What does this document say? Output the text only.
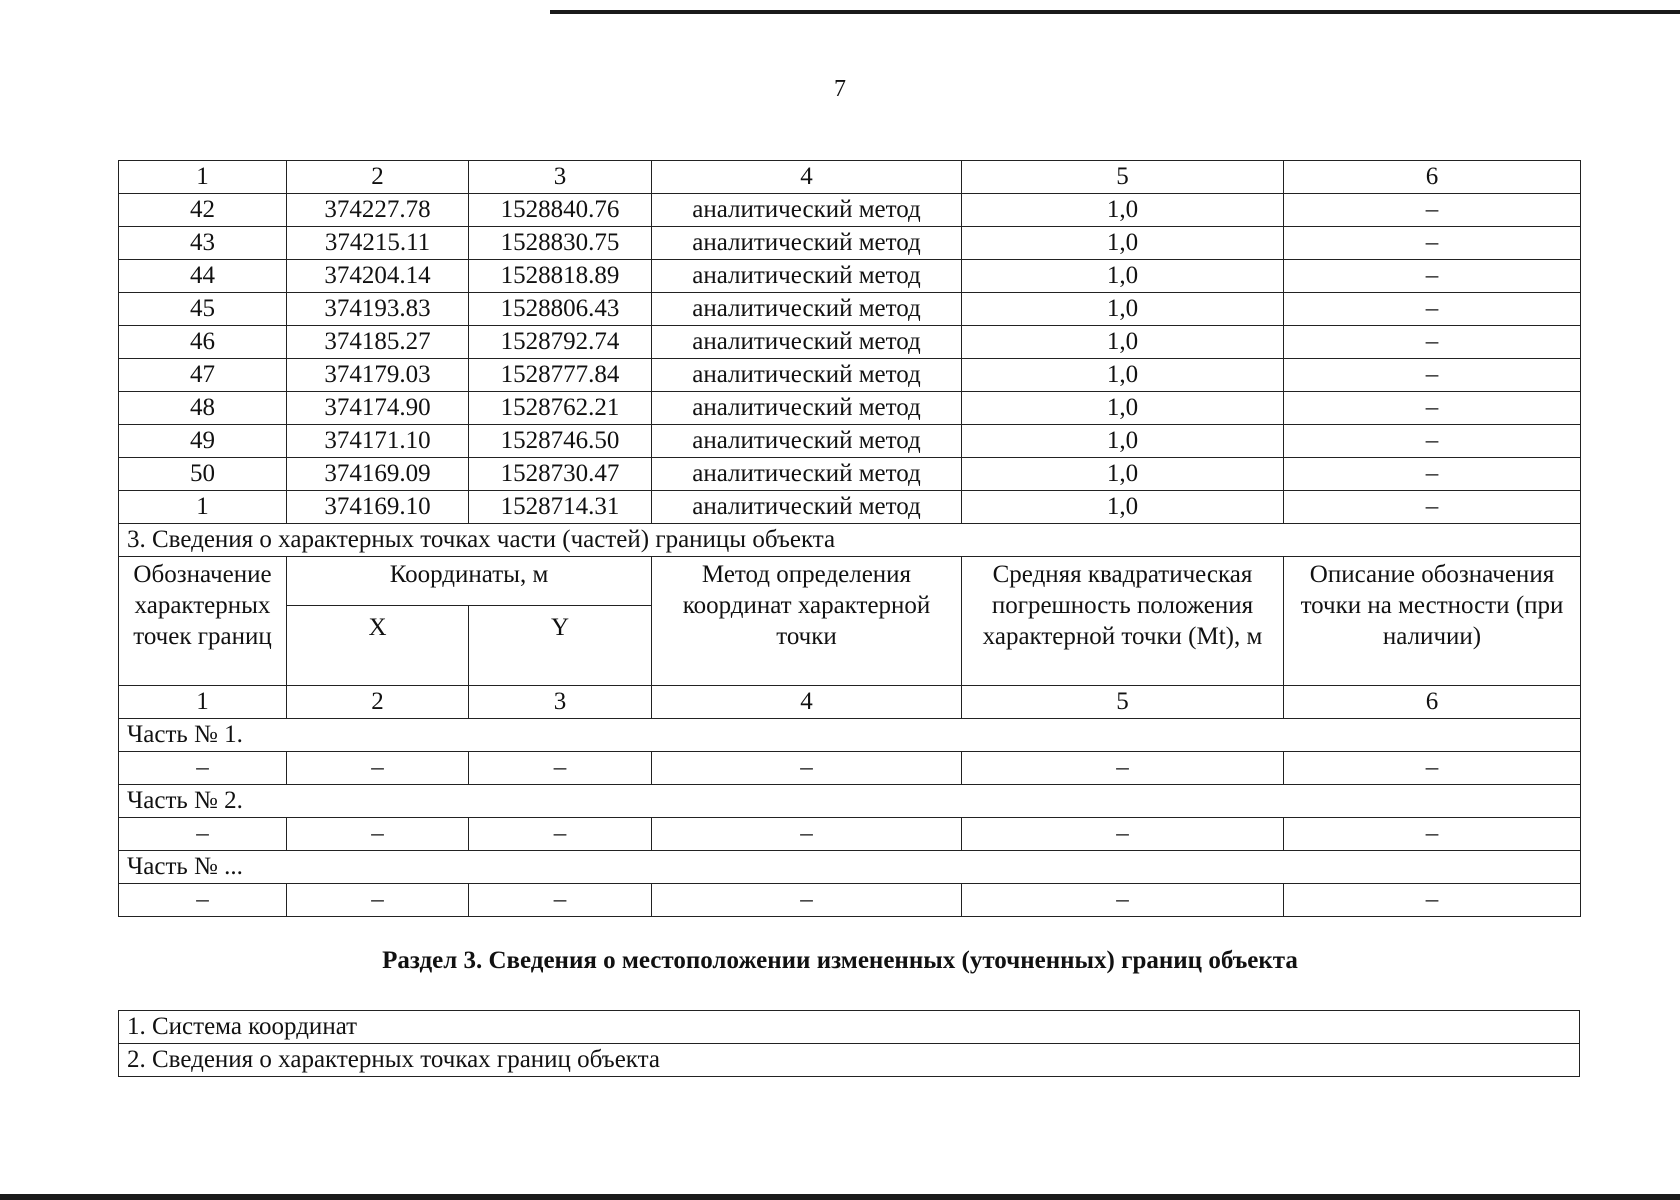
7
1	2	3	4	5	6
42	374227.78	1528840.76	аналитический метод	1,0	–
43	374215.11	1528830.75	аналитический метод	1,0	–
44	374204.14	1528818.89	аналитический метод	1,0	–
45	374193.83	1528806.43	аналитический метод	1,0	–
46	374185.27	1528792.74	аналитический метод	1,0	–
47	374179.03	1528777.84	аналитический метод	1,0	–
48	374174.90	1528762.21	аналитический метод	1,0	–
49	374171.10	1528746.50	аналитический метод	1,0	–
50	374169.09	1528730.47	аналитический метод	1,0	–
1	374169.10	1528714.31	аналитический метод	1,0	–
3. Сведения о характерных точках части (частей) границы объекта					
Обозначение характерных точек границ	Координаты, м		Метод определения координат характерной точки	Средняя квадратическая погрешность положения характерной точки (Mt), м	Описание обозначения точки на местности (при наличии)
	X	Y			
1	2	3	4	5	6
Часть № 1.					
–	–	–	–	–	–
Часть № 2.					
–	–	–	–	–	–
Часть № ...					
–	–	–	–	–	–
Раздел 3. Сведения о местоположении измененных (уточненных) границ объекта
1. Система координат
2. Сведения о характерных точках границ объекта
